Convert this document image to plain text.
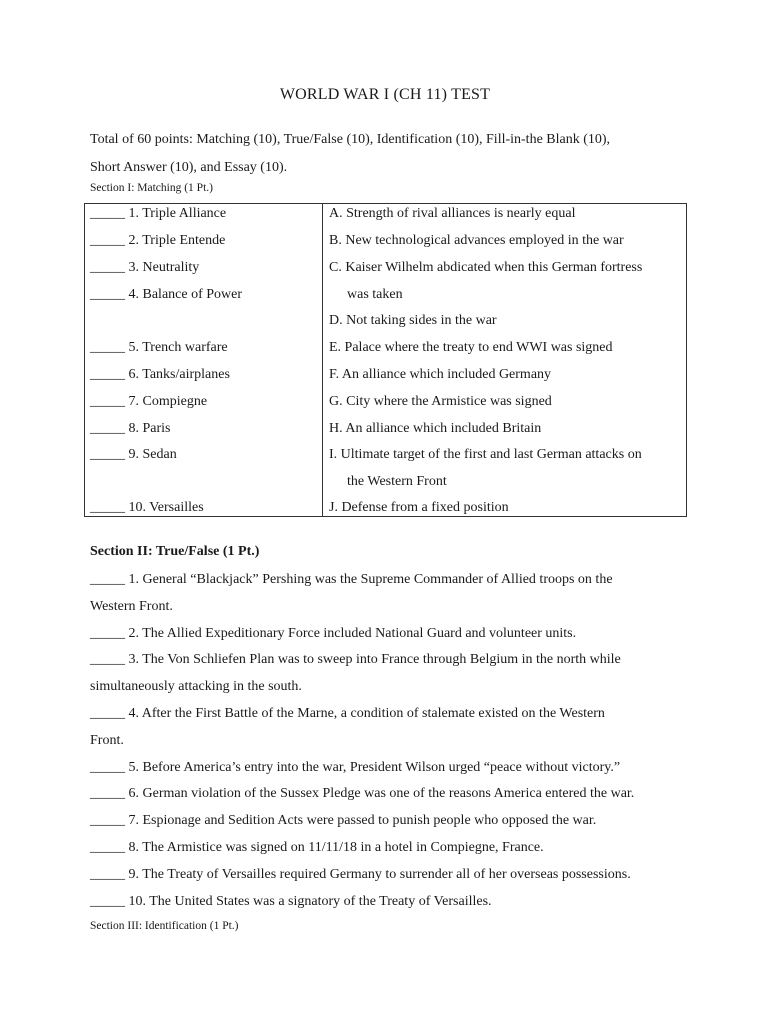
WORLD WAR I (CH 11) TEST
Total of 60 points: Matching (10), True/False (10), Identification (10), Fill-in-the Blank (10),
Short Answer (10), and Essay (10).
Section I: Matching (1 Pt.)
_____ 1. Triple Alliance
_____ 2. Triple Entende
_____ 3. Neutrality
_____ 4. Balance of Power
_____ 5. Trench warfare
_____ 6. Tanks/airplanes
_____ 7. Compiegne
_____ 8. Paris
_____ 9. Sedan
_____ 10. Versailles
A. Strength of rival alliances is nearly equal
B. New technological advances employed in the war
C. Kaiser Wilhelm abdicated when this German fortress
was taken
D. Not taking sides in the war
E. Palace where the treaty to end WWI was signed
F. An alliance which included Germany
G. City where the Armistice was signed
H. An alliance which included Britain
I. Ultimate target of the first and last German attacks on
the Western Front
J. Defense from a fixed position
Section II: True/False (1 Pt.)

_____ 1. General “Blackjack” Pershing was the Supreme Commander of Allied troops on the

Western Front.

_____ 2. The Allied Expeditionary Force included National Guard and volunteer units.

_____ 3. The Von Schliefen Plan was to sweep into France through Belgium in the north while

simultaneously attacking in the south.

_____ 4. After the First Battle of the Marne, a condition of stalemate existed on the Western

Front.

_____ 5. Before America’s entry into the war, President Wilson urged “peace without victory.”

_____ 6. German violation of the Sussex Pledge was one of the reasons America entered the war.

_____ 7. Espionage and Sedition Acts were passed to punish people who opposed the war.

_____ 8. The Armistice was signed on 11/11/18 in a hotel in Compiegne, France.

_____ 9. The Treaty of Versailles required Germany to surrender all of her overseas possessions.

_____ 10. The United States was a signatory of the Treaty of Versailles.

Section III: Identification (1 Pt.)
